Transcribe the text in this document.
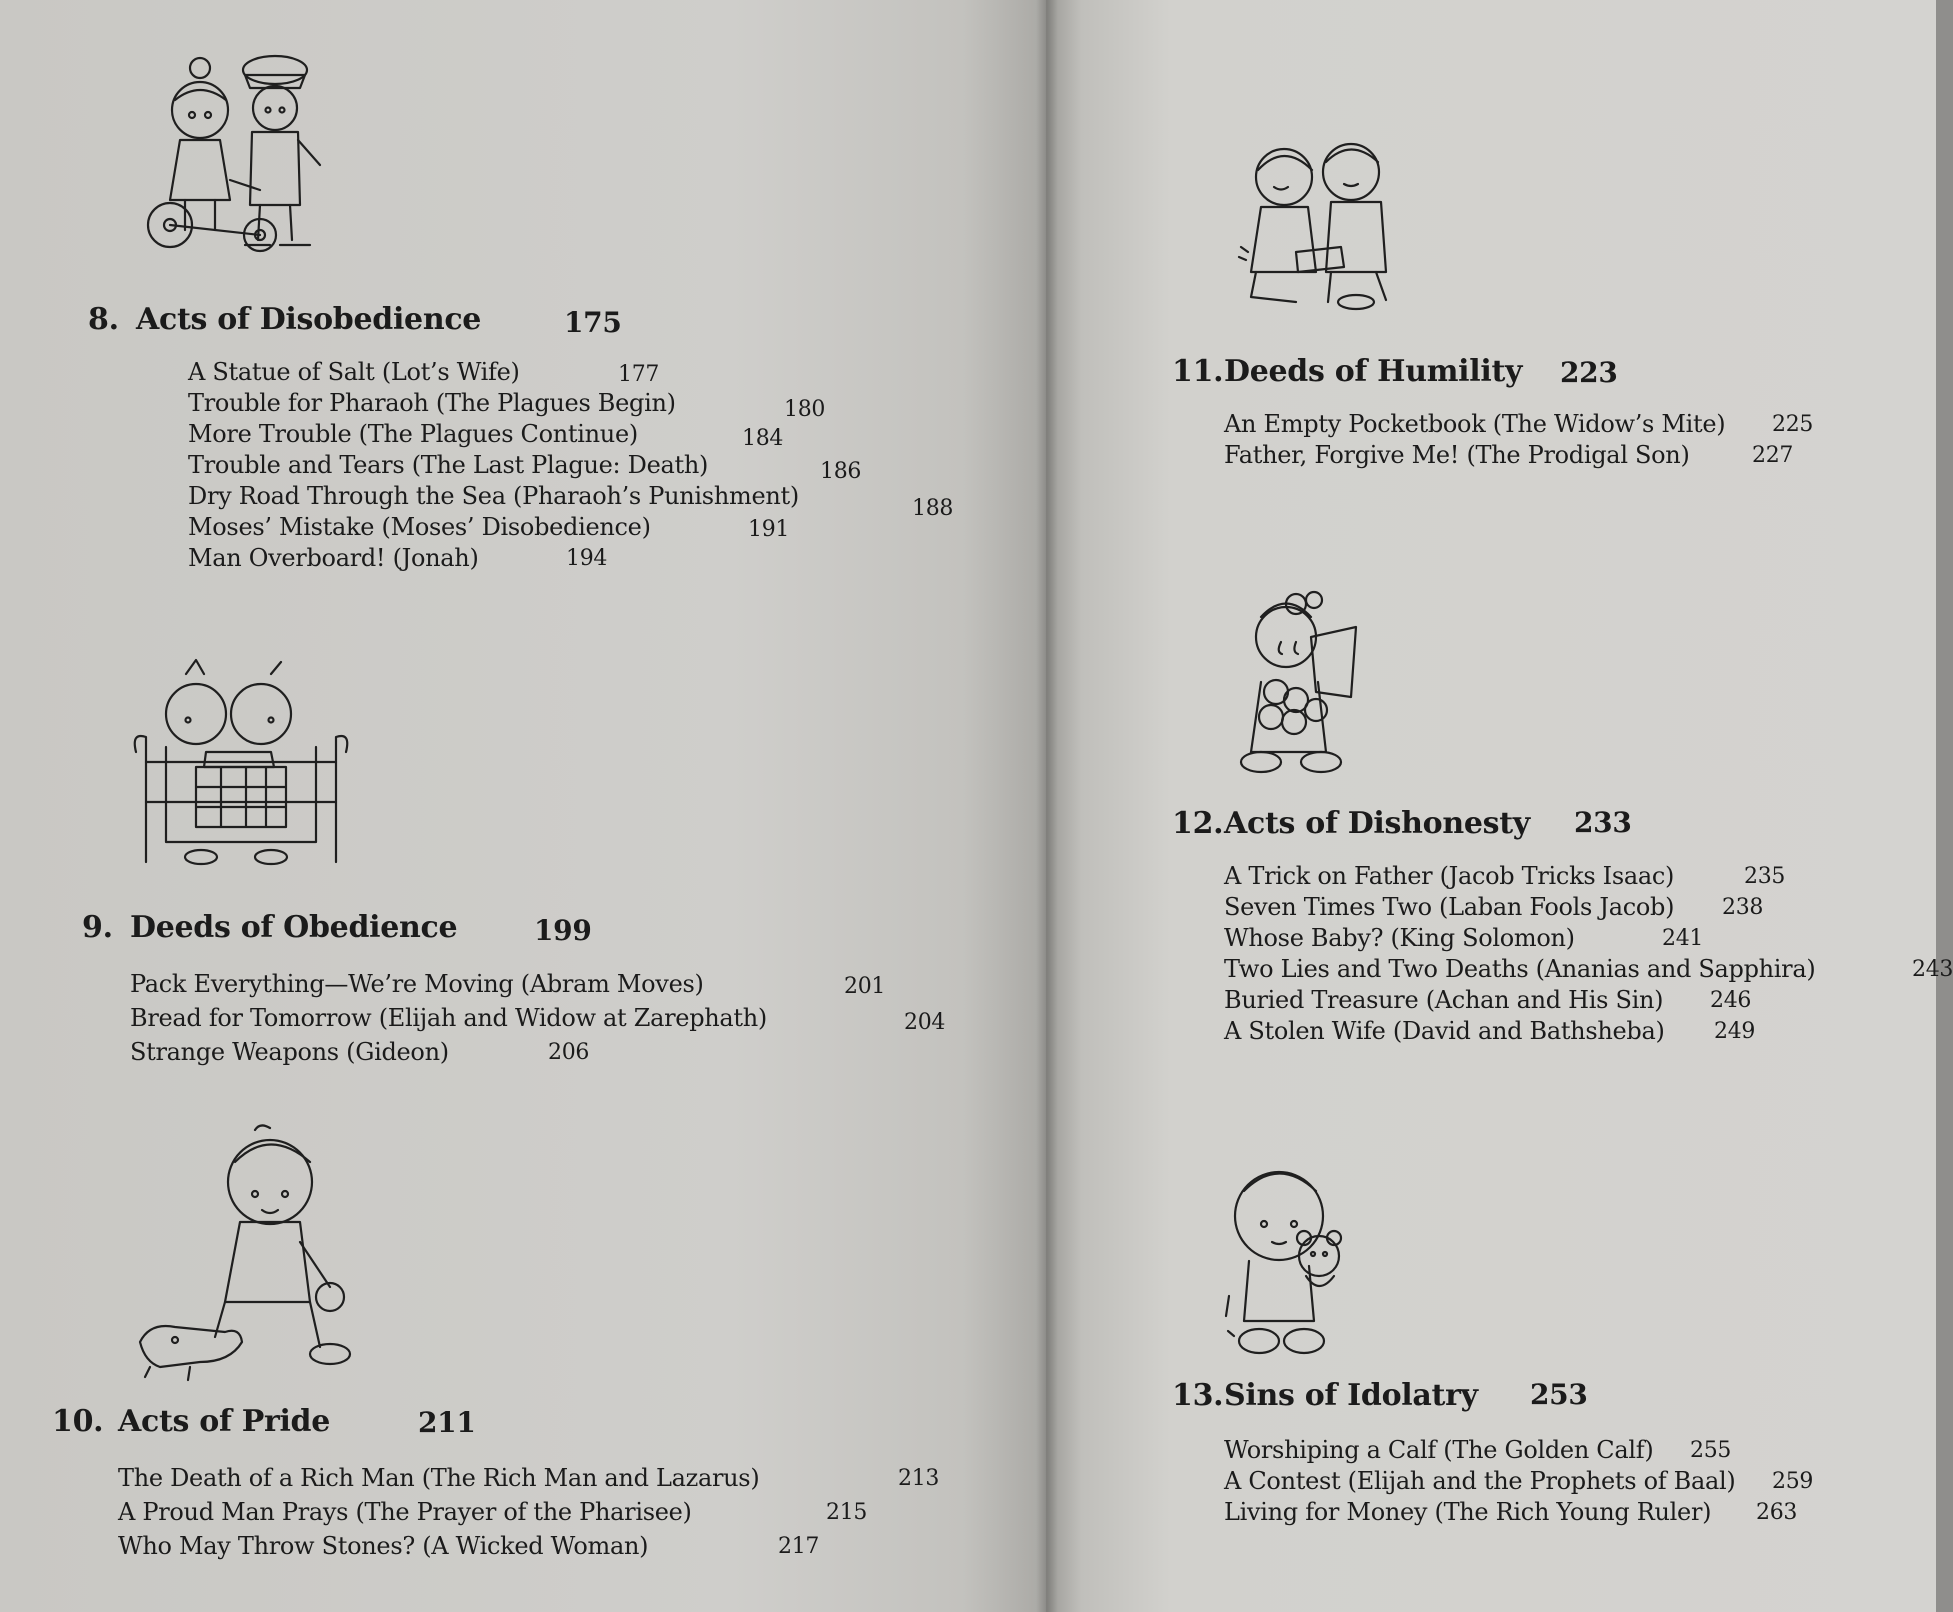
8. Acts of Disobedience	175
A Statue of Salt (Lot’s Wife)	177
Trouble for Pharaoh (The Plagues Begin)	180
More Trouble (The Plagues Continue)	184
Trouble and Tears (The Last Plague: Death)	186
Dry Road Through the Sea (Pharaoh’s Punishment)	188
Moses’ Mistake (Moses’ Disobedience)	191
Man Overboard! (Jonah)	194
9. Deeds of Obedience	199
Pack Everything—We’re Moving (Abram Moves)	201
Bread for Tomorrow (Elijah and Widow at Zarephath)	204
Strange Weapons (Gideon)	206
10. Acts of Pride	211
The Death of a Rich Man (The Rich Man and Lazarus)	213
A Proud Man Prays (The Prayer of the Pharisee)	215
Who May Throw Stones? (A Wicked Woman)	217
11. Deeds of Humility 223
An Empty Pocketbook (The Widow’s Mite) 225
Father, Forgive Me! (The Prodigal Son)	227
12. Acts of Dishonesty 233
A Trick on Father (Jacob Tricks Isaac)	235
Seven Times Two (Laban Fools Jacob) 238
Whose Baby? (King Solomon)	241
Two Lies and Two Deaths (Ananias and Sapphira)	243
Buried Treasure (Achan and His Sin) 246
A Stolen Wife (David and Bathsheba) 249
13. Sins of Idolatry 253
Worshiping a Calf (The Golden Calf) 255
A Contest (Elijah and the Prophets of Baal) 259
Living for Money (The Rich Young Ruler) 263
